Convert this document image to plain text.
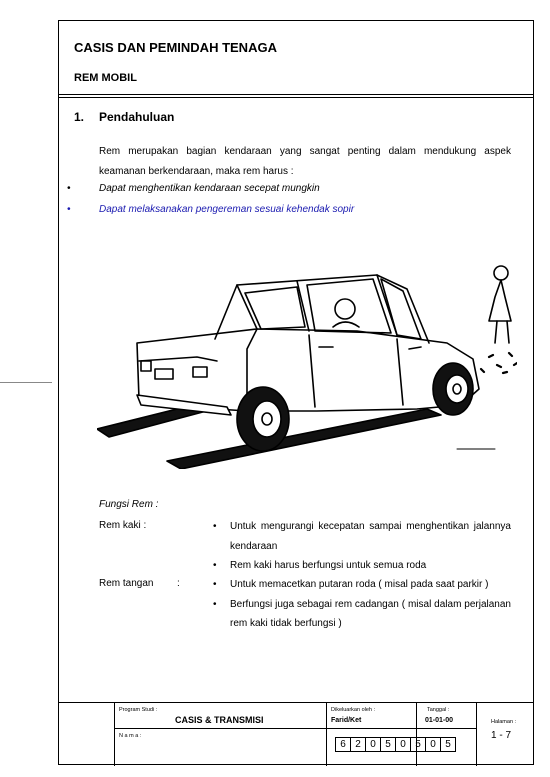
CASIS DAN PEMINDAH TENAGA
REM MOBIL
1. Pendahuluan

Rem merupakan bagian kendaraan yang sangat penting dalam mendukung aspek keamanan berkendaraan, maka rem harus :

•	Dapat menghentikan kendaraan secepat mungkin
•	Dapat melaksanakan pengereman sesuai kehendak sopir
Fungsi Rem :
Rem kaki :	• Untuk mengurangi kecepatan sampai menghentikan jalannya kendaraan
• Rem kaki harus berfungsi untuk semua roda
Rem tangan :	• Untuk memacetkan putaran roda ( misal pada saat parkir )
• Berfungsi juga sebagai rem cadangan ( misal dalam perjalanan rem kaki tidak berfungsi )
Program Studi :
CASIS & TRANSMISI
N a m a :
Dikeluarkan oleh :
Farid/Ket
Tanggal :
01-01-00	Halaman :
1 - 7
6 2 0 5 0 5 0 5
